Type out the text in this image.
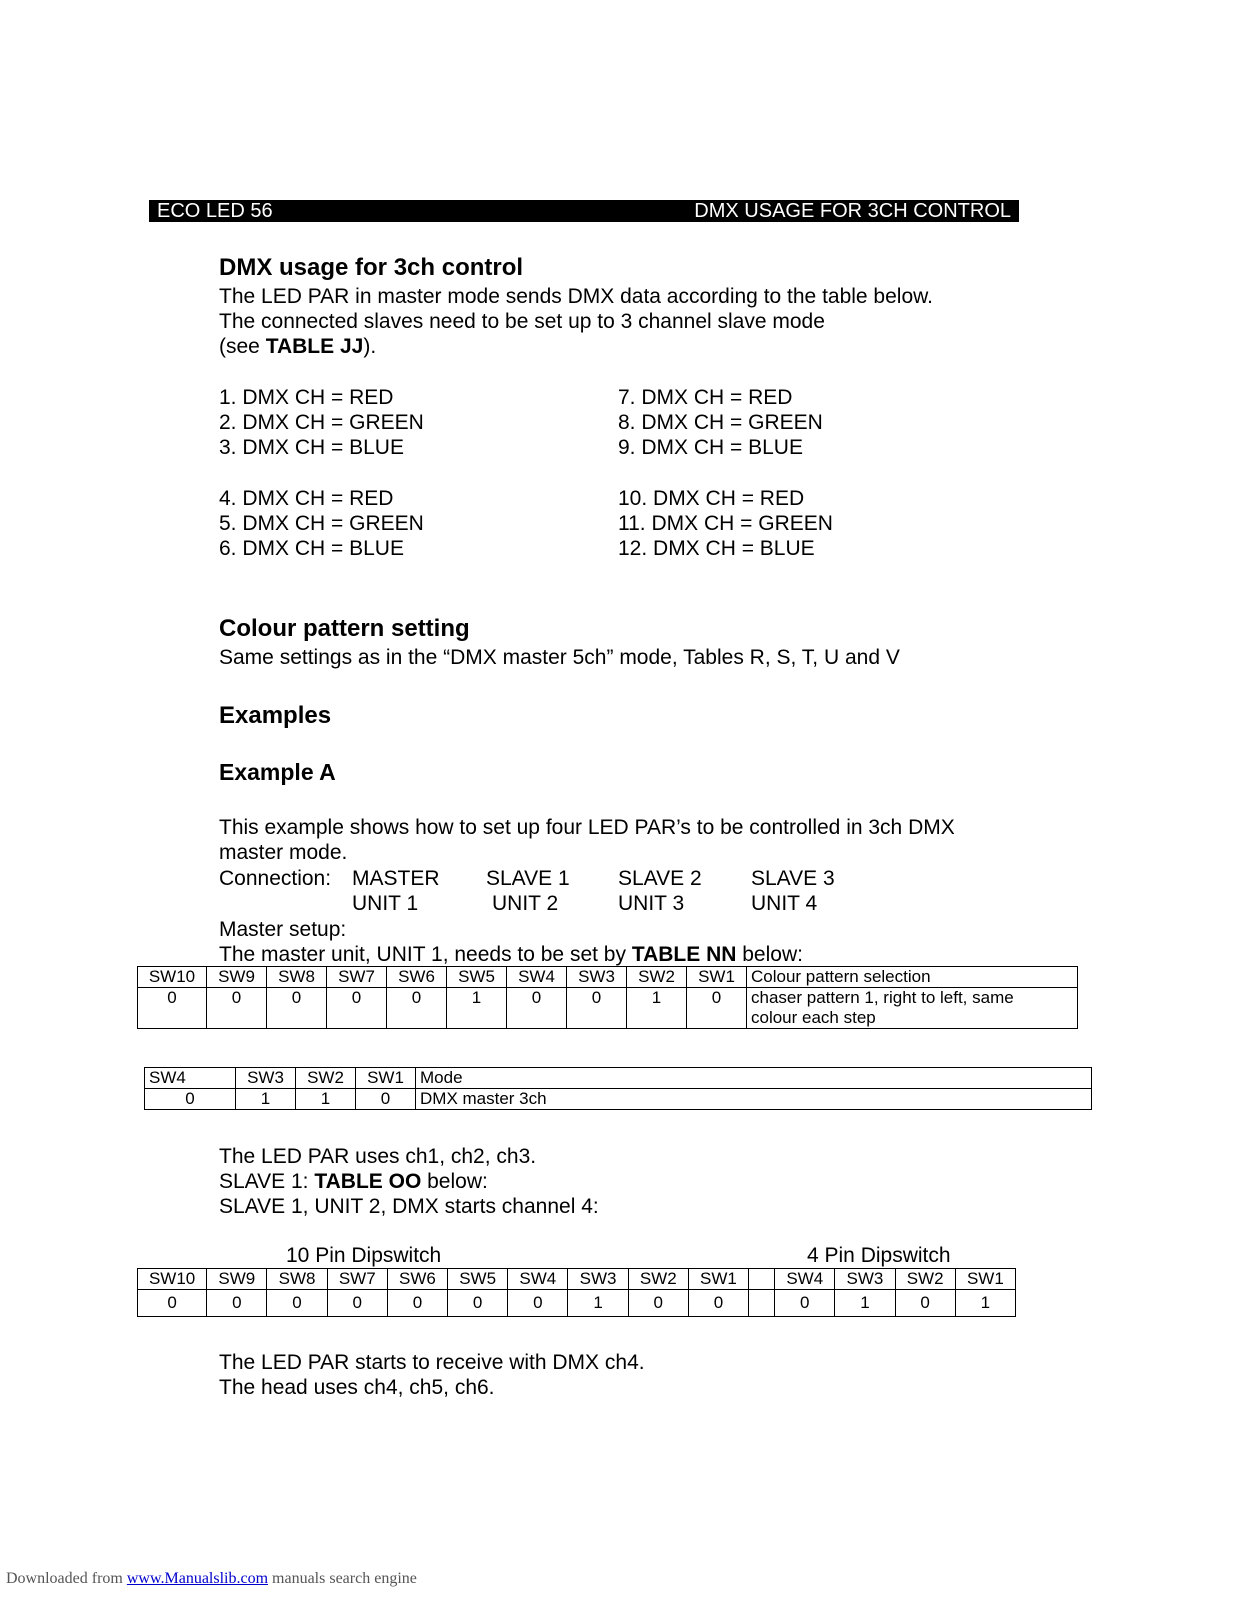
ECO LED 56	DMX USAGE FOR 3CH CONTROL
DMX usage for 3ch control
The LED PAR in master mode sends DMX data according to the table below.
The connected slaves need to be set up to 3 channel slave mode
(see TABLE JJ).
1. DMX CH = RED
2. DMX CH = GREEN
3. DMX CH = BLUE
4. DMX CH = RED
5. DMX CH = GREEN
6. DMX CH = BLUE
7. DMX CH = RED
8. DMX CH = GREEN
9. DMX CH = BLUE
10. DMX CH = RED
11. DMX CH = GREEN
12. DMX CH = BLUE
Colour pattern setting
Same settings as in the “DMX master 5ch” mode, Tables R, S, T, U and V
Examples
Example A
This example shows how to set up four LED PAR’s to be controlled in 3ch DMX
master mode.
Connection: MASTER
UNIT 1
SLAVE 1
UNIT 2
SLAVE 2
UNIT 3
SLAVE 3
UNIT 4
Master setup:
The master unit, UNIT 1, needs to be set by TABLE NN below:
SW10	SW9	SW8	SW7	SW6	SW5	SW4	SW3	SW2	SW1	Colour pattern selection
0	0	0	0	0	1	0	0	1	0	chaser pattern 1, right to left, same
colour each step
SW4	SW3	SW2	SW1	Mode
0	1	1	0	DMX master 3ch
The LED PAR uses ch1, ch2, ch3.
SLAVE 1: TABLE OO below:
SLAVE 1, UNIT 2, DMX starts channel 4:
10 Pin Dipswitch	4 Pin Dipswitch
SW10	SW9	SW8	SW7	SW6	SW5	SW4	SW3	SW2	SW1		SW4	SW3	SW2	SW1
0	0	0	0	0	0	0	1	0	0		0	1	0	1
The LED PAR starts to receive with DMX ch4.
The head uses ch4, ch5, ch6.
Downloaded from www.Manualslib.com manuals search engine
